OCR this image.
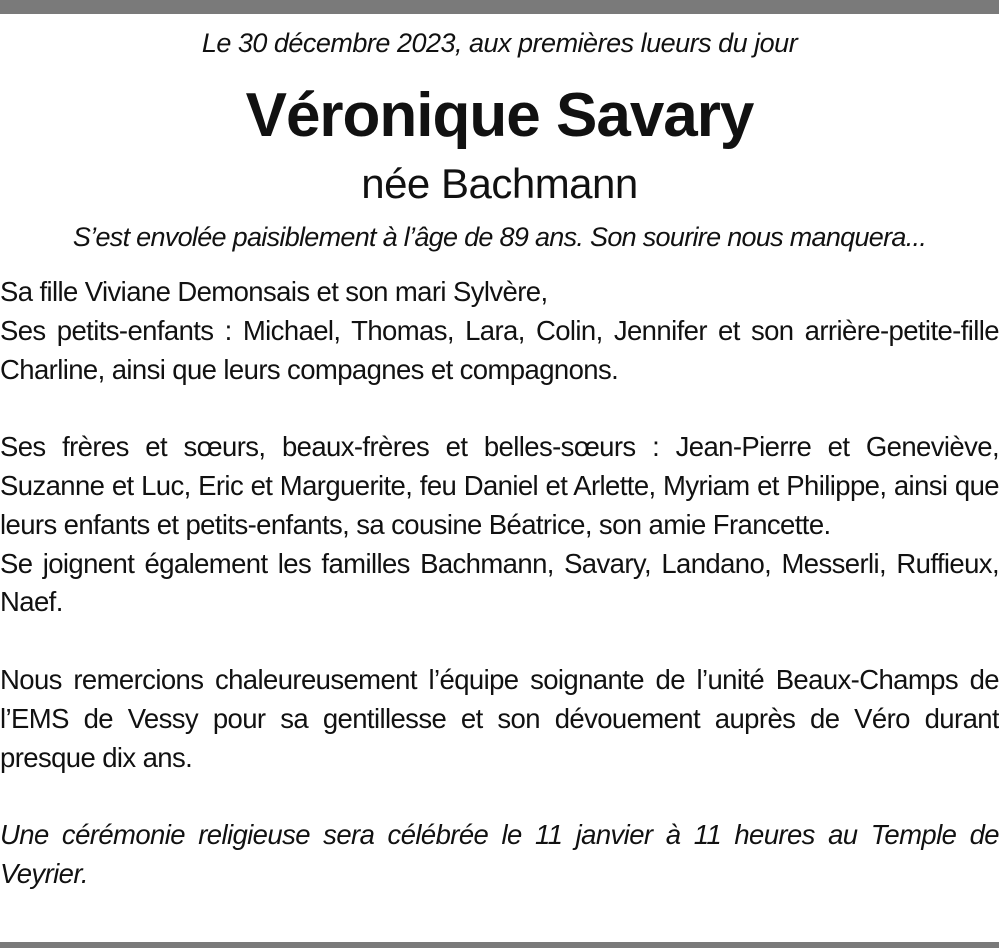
Le 30 décembre 2023, aux premières lueurs du jour
Véronique Savary
née Bachmann
S’est envolée paisiblement à l’âge de 89 ans. Son sourire nous manquera...

Sa fille Viviane Demonsais et son mari Sylvère,

Ses petits-enfants : Michael, Thomas, Lara, Colin, Jennifer et son arrière-petite-fille Charline, ainsi que leurs compagnes et compagnons.

Ses frères et sœurs, beaux-frères et belles-sœurs : Jean-Pierre et Geneviève, Suzanne et Luc, Eric et Marguerite, feu Daniel et Arlette, Myriam et Philippe, ainsi que leurs enfants et petits-enfants, sa cousine Béatrice, son amie Francette.

Se joignent également les familles Bachmann, Savary, Landano, Messerli, Ruffieux, Naef.

Nous remercions chaleureusement l’équipe soignante de l’unité Beaux-Champs de l’EMS de Vessy pour sa gentillesse et son dévouement auprès de Véro durant presque dix ans.

Une cérémonie religieuse sera célébrée le 11 janvier à 11 heures au Temple de Veyrier.
